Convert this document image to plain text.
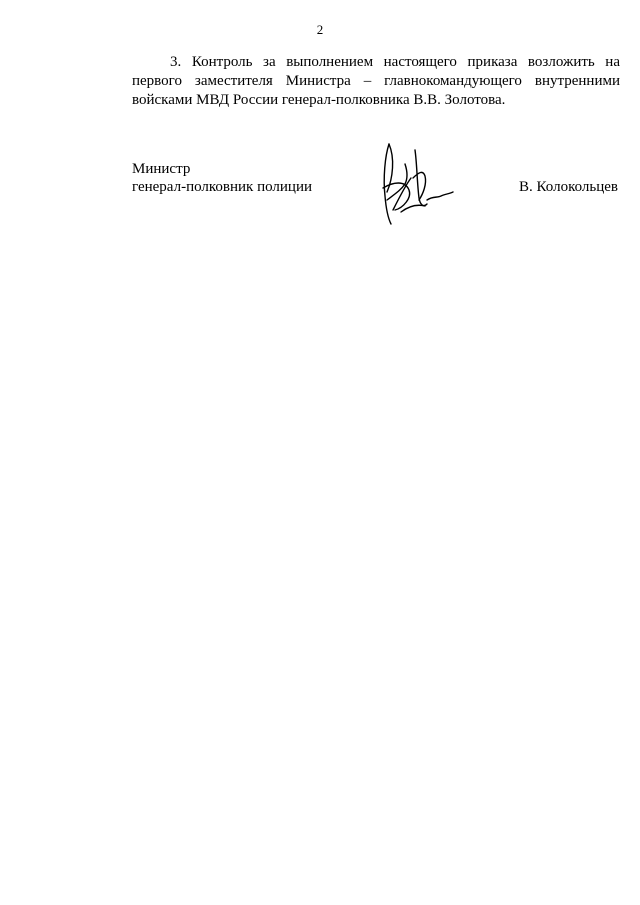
2
3. Контроль за выполнением настоящего приказа возложить на
первого заместителя Министра – главнокомандующего внутренними
войсками МВД России генерал-полковника В.В. Золотова.
Министр
генерал-полковник полиции	В. Колокольцев
